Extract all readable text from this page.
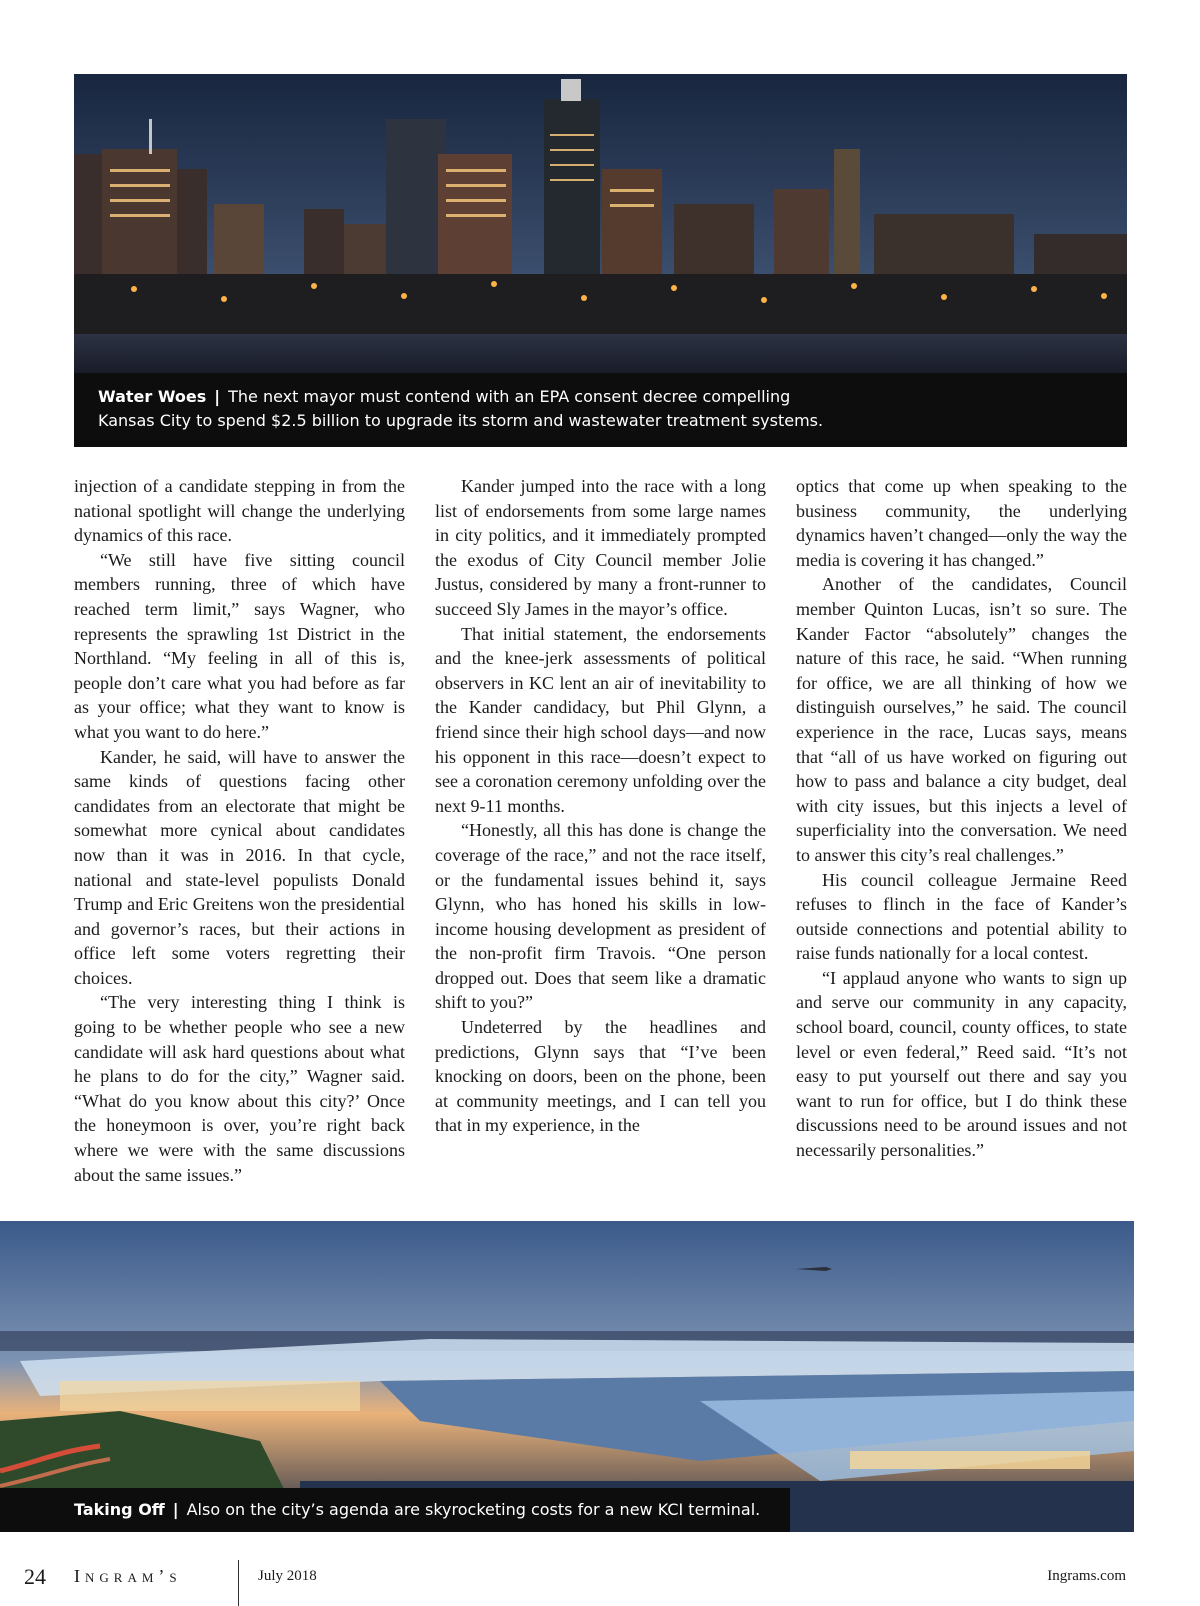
Water Woes | The next mayor must contend with an EPA consent decree compelling
Kansas City to spend $2.5 billion to upgrade its storm and wastewater treatment systems.

injection of a candidate stepping in from the national spotlight will change the underlying dynamics of this race.

“We still have five sitting council members running, three of which have reached term limit,” says Wagner, who represents the sprawling 1st District in the Northland. “My feeling in all of this is, people don’t care what you had before as far as your office; what they want to know is what you want to do here.”

Kander, he said, will have to answer the same kinds of questions facing other candidates from an electorate that might be somewhat more cynical about candidates now than it was in 2016. In that cycle, national and state-level populists Donald Trump and Eric Greitens won the presidential and governor’s races, but their actions in office left some voters regretting their choices.

“The very interesting thing I think is going to be whether people who see a new candidate will ask hard questions about what he plans to do for the city,” Wagner said. “What do you know about this city?’ Once the honeymoon is over, you’re right back where we were with the same discussions about the same issues.”

Kander jumped into the race with a long list of endorsements from some large names in city politics, and it immediately prompted the exodus of City Council member Jolie Justus, considered by many a front-runner to succeed Sly James in the mayor’s office.

That initial statement, the endorsements and the knee-jerk assessments of political observers in KC lent an air of inevitability to the Kander candidacy, but Phil Glynn, a friend since their high school days—and now his opponent in this race—doesn’t expect to see a coronation ceremony unfolding over the next 9-11 months.

“Honestly, all this has done is change the coverage of the race,” and not the race itself, or the fundamental issues behind it, says Glynn, who has honed his skills in low-income housing development as president of the non-profit firm Travois. “One person dropped out. Does that seem like a dramatic shift to you?”

Undeterred by the headlines and predictions, Glynn says that “I’ve been knocking on doors, been on the phone, been at community meetings, and I can tell you that in my experience, in the

optics that come up when speaking to the business community, the underlying dynamics haven’t changed—only the way the media is covering it has changed.”

Another of the candidates, Council member Quinton Lucas, isn’t so sure. The Kander Factor “absolutely” changes the nature of this race, he said. “When running for office, we are all thinking of how we distinguish ourselves,” he said. The council experience in the race, Lucas says, means that “all of us have worked on figuring out how to pass and balance a city budget, deal with city issues, but this injects a level of superficiality into the conversation. We need to answer this city’s real challenges.”

His council colleague Jermaine Reed refuses to flinch in the face of Kander’s outside connections and potential ability to raise funds nationally for a local contest.

“I applaud anyone who wants to sign up and serve our community in any capacity, school board, council, county offices, to state level or even federal,” Reed said. “It’s not easy to put yourself out there and say you want to run for office, but I do think these discussions need to be around issues and not necessarily personalities.”

Taking Off | Also on the city’s agenda are skyrocketing costs for a new KCI terminal.
24 Ingram’s	July 2018	Ingrams.com
